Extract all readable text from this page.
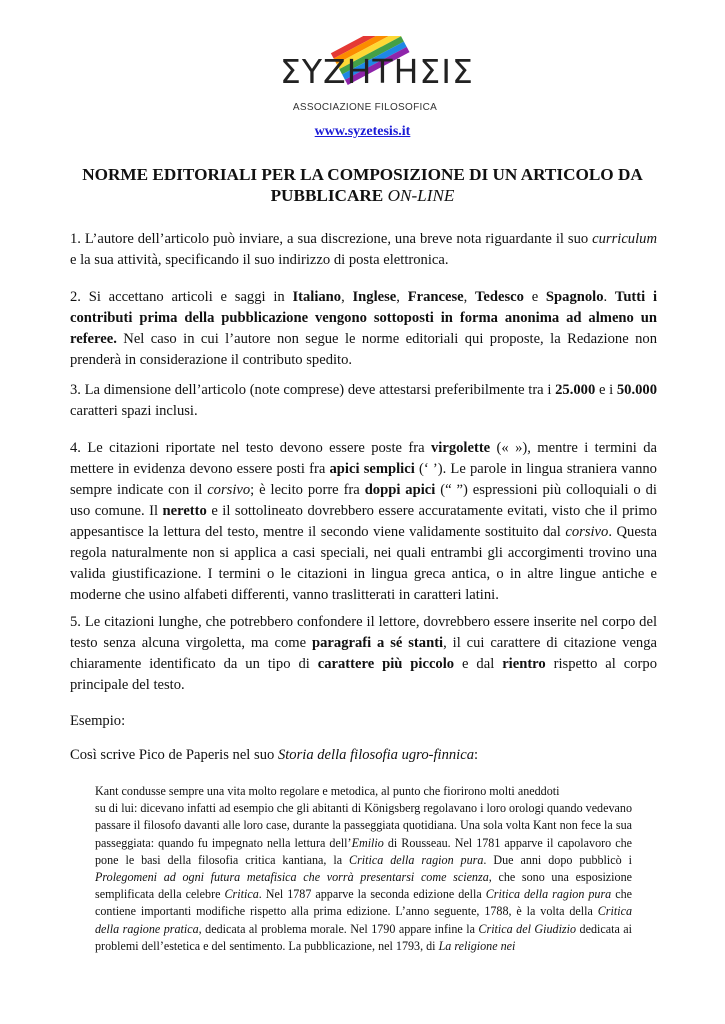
ΣΥΖΗΤΗΣΙΣ
ASSOCIAZIONE FILOSOFICA
www.syzetesis.it
NORME EDITORIALI PER LA COMPOSIZIONE DI UN ARTICOLO DA PUBBLICARE ON-LINE

1. L’autore dell’articolo può inviare, a sua discrezione, una breve nota riguardante il suo curriculum e la sua attività, specificando il suo indirizzo di posta elettronica.

2. Si accettano articoli e saggi in Italiano, Inglese, Francese, Tedesco e Spagnolo. Tutti i contributi prima della pubblicazione vengono sottoposti in forma anonima ad almeno un referee. Nel caso in cui l’autore non segue le norme editoriali qui proposte, la Redazione non prenderà in considerazione il contributo spedito.

3. La dimensione dell’articolo (note comprese) deve attestarsi preferibilmente tra i 25.000 e i 50.000 caratteri spazi inclusi.

4. Le citazioni riportate nel testo devono essere poste fra virgolette (« »), mentre i termini da mettere in evidenza devono essere posti fra apici semplici (‘ ’). Le parole in lingua straniera vanno sempre indicate con il corsivo; è lecito porre fra doppi apici (“ ”) espressioni più colloquiali o di uso comune. Il neretto e il sottolineato dovrebbero essere accuratamente evitati, visto che il primo appesantisce la lettura del testo, mentre il secondo viene validamente sostituito dal corsivo. Questa regola naturalmente non si applica a casi speciali, nei quali entrambi gli accorgimenti trovino una valida giustificazione. I termini o le citazioni in lingua greca antica, o in altre lingue antiche e moderne che usino alfabeti differenti, vanno traslitterati in caratteri latini.

5. Le citazioni lunghe, che potrebbero confondere il lettore, dovrebbero essere inserite nel corpo del testo senza alcuna virgoletta, ma come paragrafi a sé stanti, il cui carattere di citazione venga chiaramente identificato da un tipo di carattere più piccolo e dal rientro rispetto al corpo principale del testo.

Esempio:

Così scrive Pico de Paperis nel suo Storia della filosofia ugro-finnica:

Kant condusse sempre una vita molto regolare e metodica, al punto che fiorirono molti aneddoti
su di lui: dicevano infatti ad esempio che gli abitanti di Königsberg regolavano i loro orologi quando vedevano passare il filosofo davanti alle loro case, durante la passeggiata quotidiana. Una sola volta Kant non fece la sua passeggiata: quando fu impegnato nella lettura dell’Emilio di Rousseau. Nel 1781 apparve il capolavoro che pone le basi della filosofia critica kantiana, la Critica della ragion pura. Due anni dopo pubblicò i Prolegomeni ad ogni futura metafisica che vorrà presentarsi come scienza, che sono una esposizione semplificata della celebre Critica. Nel 1787 apparve la seconda edizione della Critica della ragion pura che contiene importanti modifiche rispetto alla prima edizione. L’anno seguente, 1788, è la volta della Critica della ragione pratica, dedicata al problema morale. Nel 1790 appare infine la Critica del Giudizio dedicata ai problemi dell’estetica e del sentimento. La pubblicazione, nel 1793, di La religione nei
